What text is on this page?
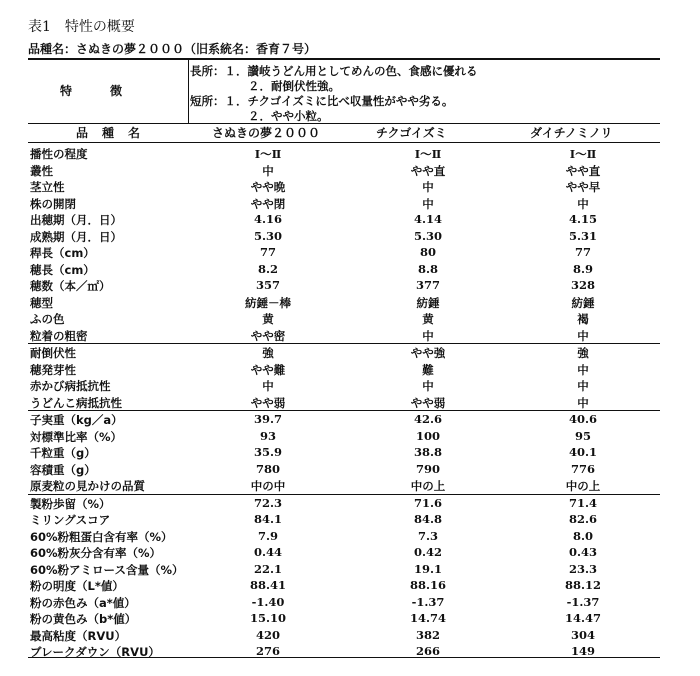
表1 特性の概要
品種名：さぬきの夢２０００（旧系統名：香育７号）
特徴
長所：１．讃岐うどん用としてめんの色、食感に優れる
２．耐倒伏性強。
短所：１．チクゴイズミに比べ収量性がやや劣る。
２．やや小粒。
品種名	さぬきの夢２０００	チクゴイズミ	ダイチノミノリ
播性の程度	Ⅰ～Ⅱ	Ⅰ～Ⅱ	Ⅰ～Ⅱ
叢性	中	やや直	やや直
茎立性	やや晩	中	やや早
株の開閉	やや閉	中	中
出穂期（月．日）	4.16	4.14	4.15
成熟期（月．日）	5.30	5.30	5.31
稈長（cm）	77	80	77
穂長（cm）	8.2	8.8	8.9
穂数（本／㎡）	357	377	328
穂型	紡錘－棒	紡錘	紡錘
ふの色	黄	黄	褐
粒着の粗密	やや密	中	中
耐倒伏性	強	やや強	強
穂発芽性	やや難	難	中
赤かび病抵抗性	中	中	中
うどんこ病抵抗性	やや弱	やや弱	中
子実重（kg／a）	39.7	42.6	40.6
対標準比率（%）	93	100	95
千粒重（g）	35.9	38.8	40.1
容積重（g）	780	790	776
原麦粒の見かけの品質	中の中	中の上	中の上
製粉歩留（%）	72.3	71.6	71.4
ミリングスコア	84.1	84.8	82.6
60%粉粗蛋白含有率（%）	7.9	7.3	8.0
60%粉灰分含有率（%）	0.44	0.42	0.43
60%粉アミロース含量（%）	22.1	19.1	23.3
粉の明度（L*値）	88.41	88.16	88.12
粉の赤色み（a*値）	-1.40	-1.37	-1.37
粉の黄色み（b*値）	15.10	14.74	14.47
最高粘度（RVU）	420	382	304
ブレークダウン（RVU）	276	266	149
